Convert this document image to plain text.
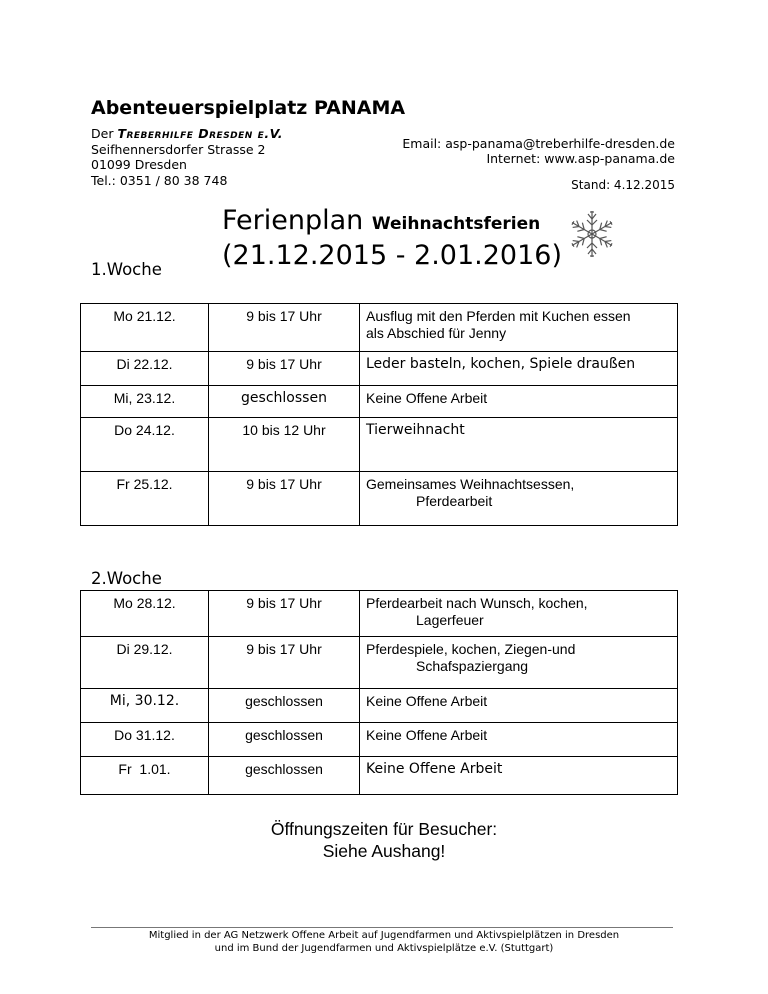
Abenteuerspielplatz PANAMA
Der Treberhilfe Dresden e.V.
Seifhennersdorfer Strasse 2
01099 Dresden
Tel.: 0351 / 80 38 748
Email: asp-panama@treberhilfe-dresden.de
Internet: www.asp-panama.de
Stand: 4.12.2015
Ferienplan Weihnachtsferien
(21.12.2015 - 2.01.2016)
1.Woche
Mo 21.12.	9 bis 17 Uhr	Ausflug mit den Pferden mit Kuchen essen
als Abschied für Jenny
Di 22.12.	9 bis 17 Uhr	Leder basteln, kochen, Spiele draußen
Mi, 23.12.	geschlossen	Keine Offene Arbeit
Do 24.12.	10 bis 12 Uhr	Tierweihnacht
Fr 25.12.	9 bis 17 Uhr	Gemeinsames Weihnachtsessen,
Pferdearbeit
2.Woche
Mo 28.12.	9 bis 17 Uhr	Pferdearbeit nach Wunsch, kochen,
Lagerfeuer
Di 29.12.	9 bis 17 Uhr	Pferdespiele, kochen, Ziegen-und
Schafspaziergang
Mi, 30.12.	geschlossen	Keine Offene Arbeit
Do 31.12.	geschlossen	Keine Offene Arbeit
Fr  1.01.	geschlossen	Keine Offene Arbeit
Öffnungszeiten für Besucher:
Siehe Aushang!
Mitglied in der AG Netzwerk Offene Arbeit auf Jugendfarmen und Aktivspielplätzen in Dresden
und im Bund der Jugendfarmen und Aktivspielplätze e.V. (Stuttgart)
